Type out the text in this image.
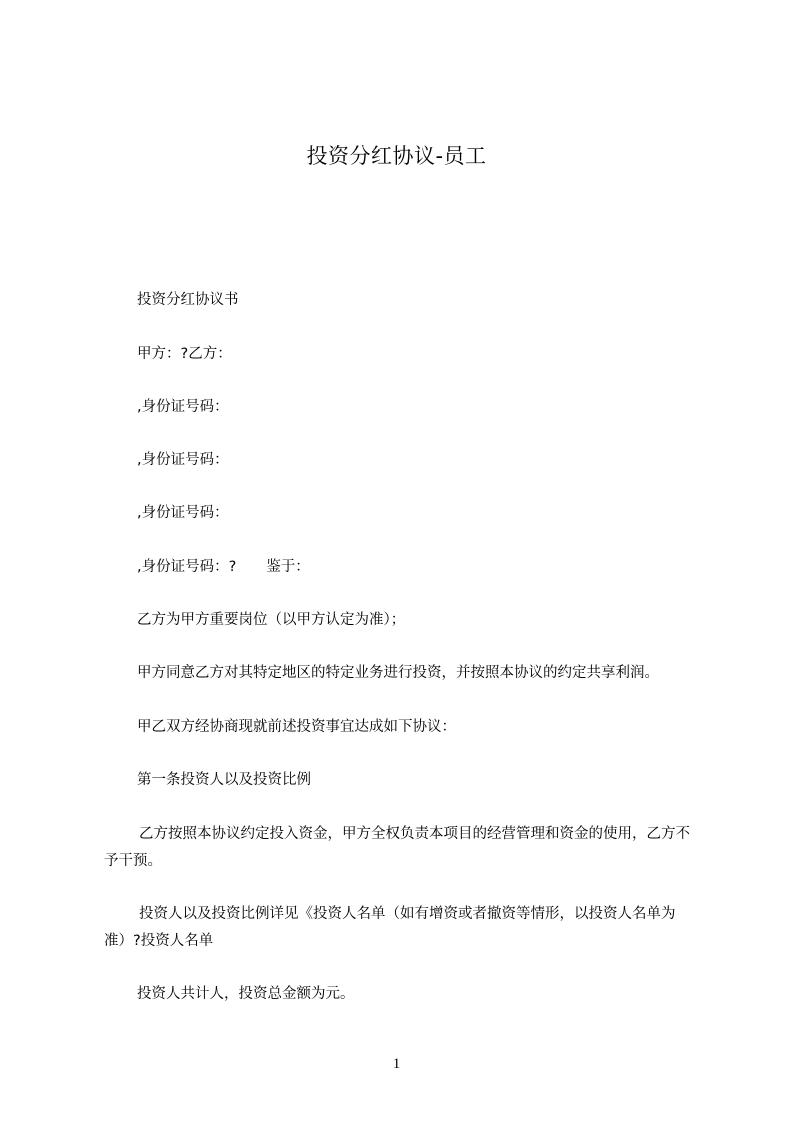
投资分红协议-员工

投资分红协议书

甲方：?乙方：

,身份证号码：

,身份证号码：

,身份证号码：

,身份证号码：? 鉴于：

乙方为甲方重要岗位（以甲方认定为准）；

甲方同意乙方对其特定地区的特定业务进行投资，并按照本协议的约定共享利润。

甲乙双方经协商现就前述投资事宜达成如下协议：

第一条投资人以及投资比例

乙方按照本协议约定投入资金，甲方全权负责本项目的经营管理和资金的使用，乙方不予干预。

投资人以及投资比例详见《投资人名单（如有增资或者撤资等情形，以投资人名单为准）?投资人名单

投资人共计人，投资总金额为元。

1
